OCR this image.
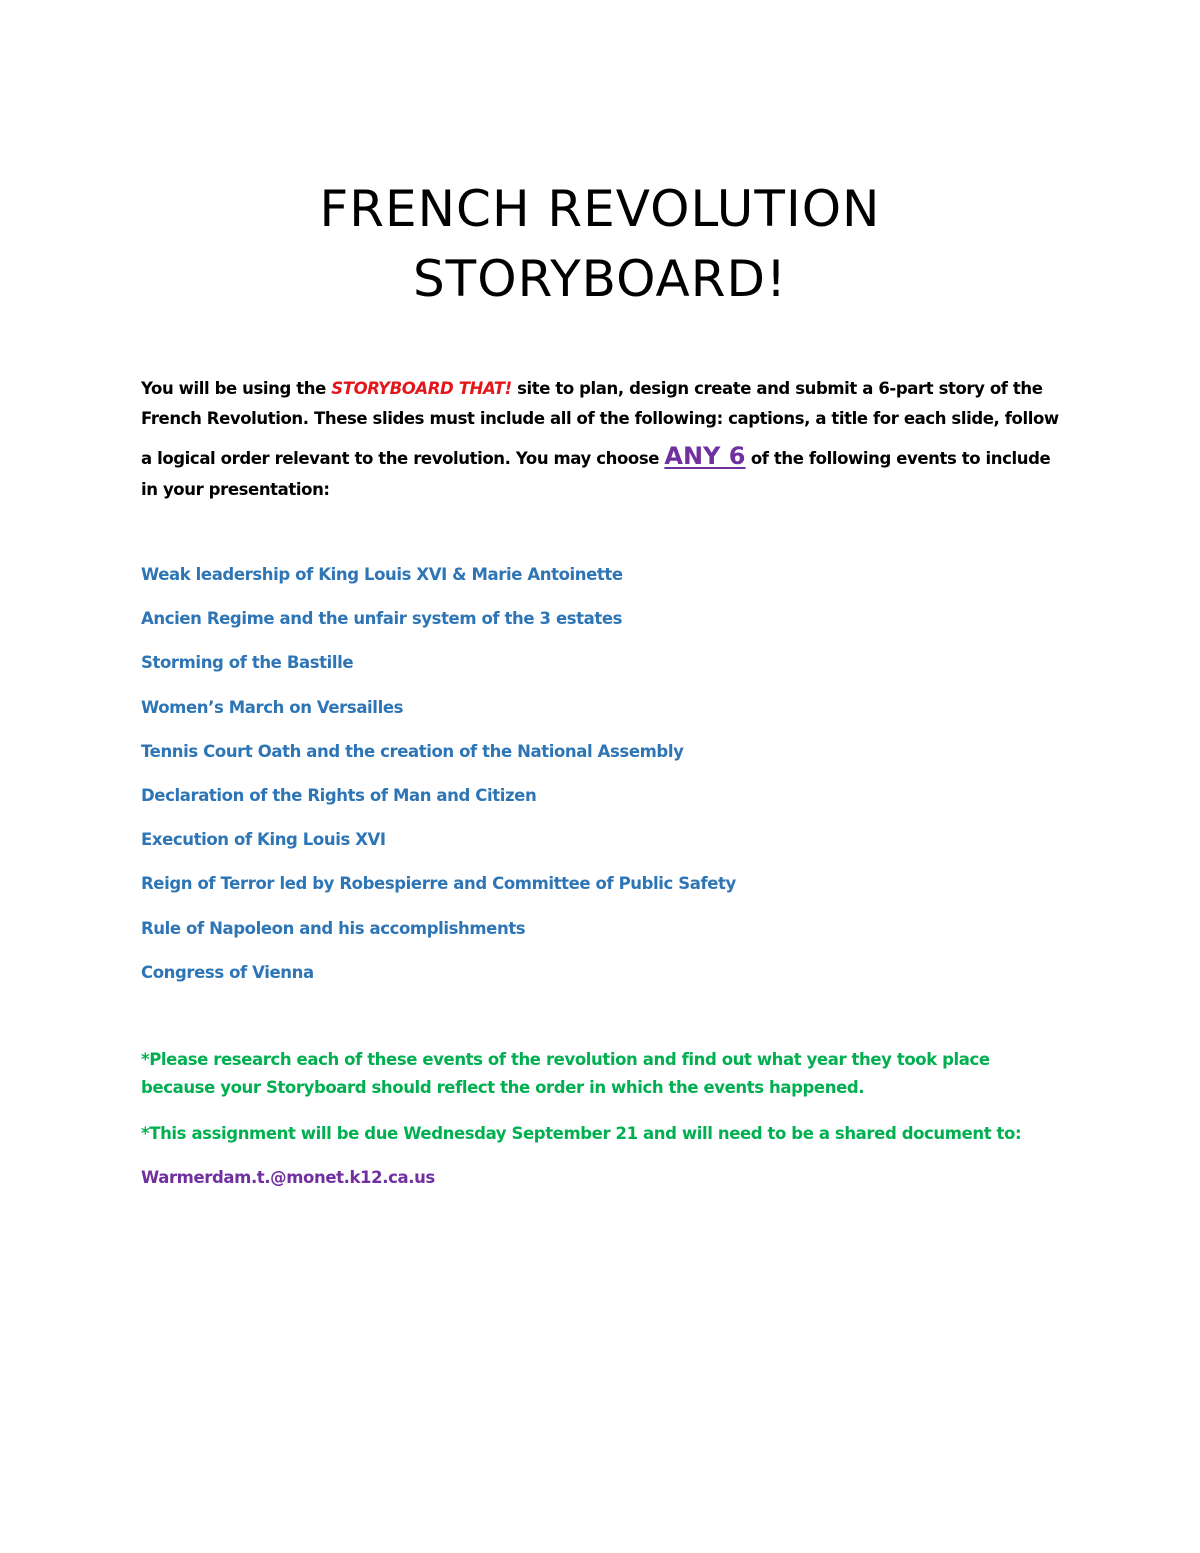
FRENCH REVOLUTION
STORYBOARD!
You will be using the STORYBOARD THAT! site to plan, design create and submit a 6-part story of the
French Revolution. These slides must include all of the following: captions, a title for each slide, follow
a logical order relevant to the revolution. You may choose ANY 6 of the following events to include
in your presentation:
Weak leadership of King Louis XVI & Marie Antoinette
Ancien Regime and the unfair system of the 3 estates
Storming of the Bastille
Women’s March on Versailles
Tennis Court Oath and the creation of the National Assembly
Declaration of the Rights of Man and Citizen
Execution of King Louis XVI
Reign of Terror led by Robespierre and Committee of Public Safety
Rule of Napoleon and his accomplishments
Congress of Vienna
*Please research each of these events of the revolution and find out what year they took place
because your Storyboard should reflect the order in which the events happened.
*This assignment will be due Wednesday September 21 and will need to be a shared document to:
Warmerdam.t.@monet.k12.ca.us
